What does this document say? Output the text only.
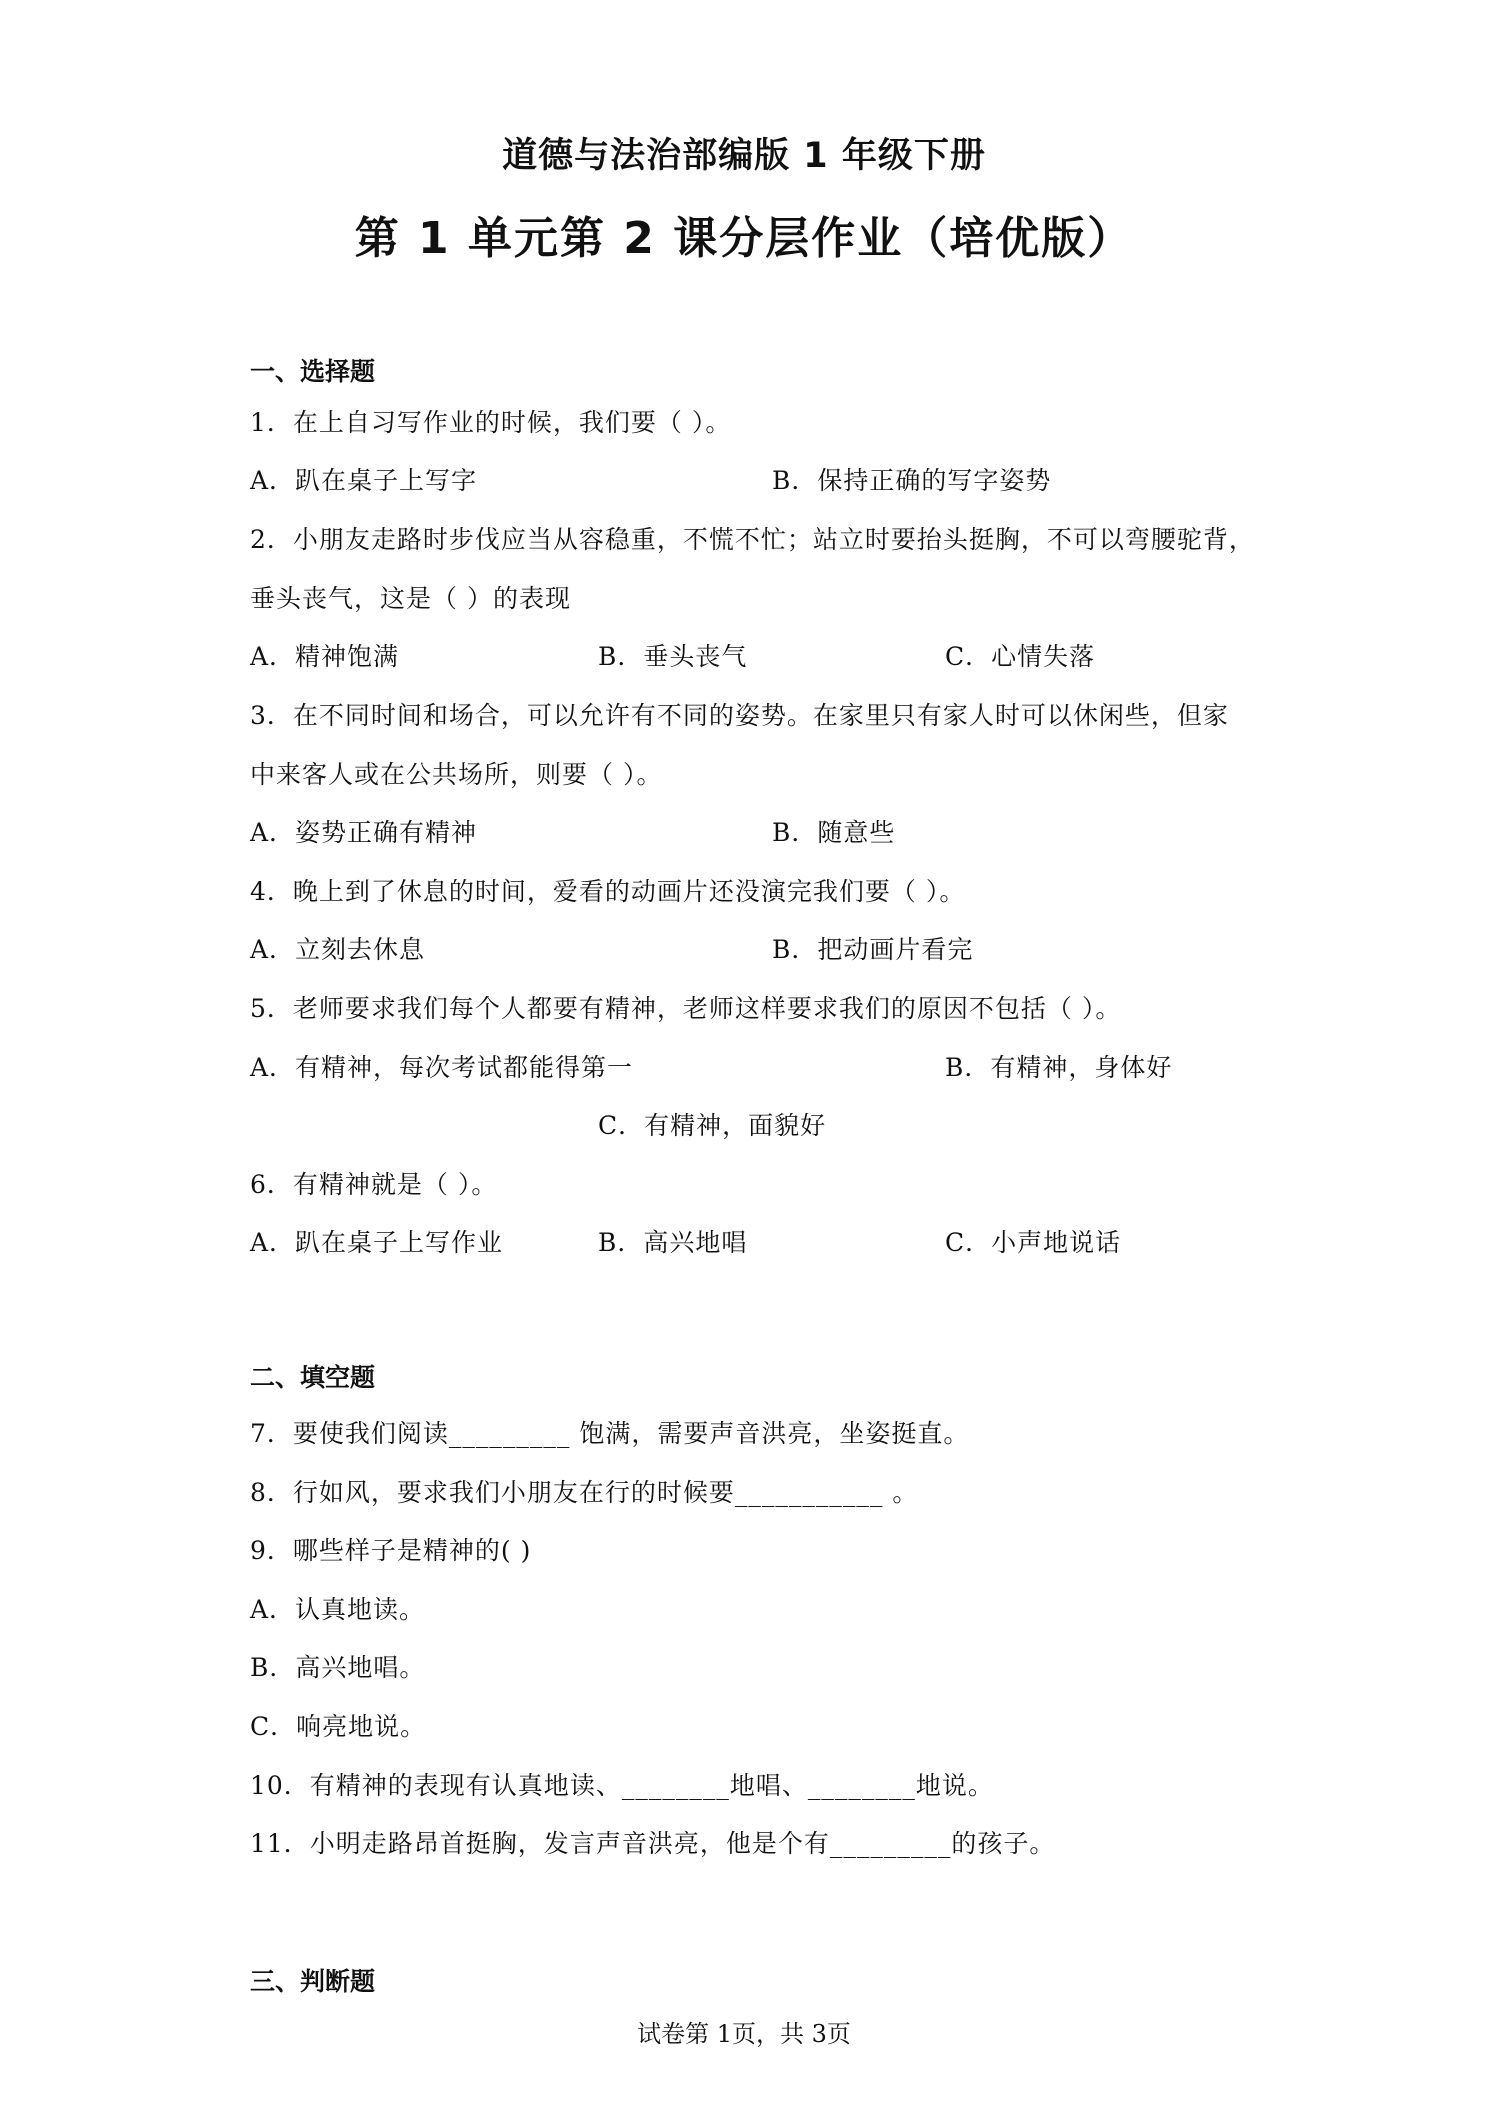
道德与法治部编版 1 年级下册
第 1 单元第 2 课分层作业（培优版）
一、选择题
1．在上自习写作业的时候，我们要（ ）。
A．趴在桌子上写字	B．保持正确的写字姿势
2．小朋友走路时步伐应当从容稳重，不慌不忙；站立时要抬头挺胸，不可以弯腰驼背，
垂头丧气，这是（ ）的表现
A．精神饱满	B．垂头丧气	C．心情失落
3．在不同时间和场合，可以允许有不同的姿势。在家里只有家人时可以休闲些，但家
中来客人或在公共场所，则要（ ）。
A．姿势正确有精神	B．随意些
4．晚上到了休息的时间，爱看的动画片还没演完我们要（ ）。
A．立刻去休息	B．把动画片看完
5．老师要求我们每个人都要有精神，老师这样要求我们的原因不包括（ ）。
A．有精神，每次考试都能得第一	B．有精神，身体好
C．有精神，面貌好
6．有精神就是（ ）。
A．趴在桌子上写作业	B．高兴地唱	C．小声地说话
二、填空题
7．要使我们阅读_________ 饱满，需要声音洪亮，坐姿挺直。
8．行如风，要求我们小朋友在行的时候要___________ 。
9．哪些样子是精神的( )
A．认真地读。
B．高兴地唱。
C．响亮地说。
10．有精神的表现有认真地读、________地唱、________地说。
11．小明走路昂首挺胸，发言声音洪亮，他是个有_________的孩子。
三、判断题
试卷第 1页，共 3页
